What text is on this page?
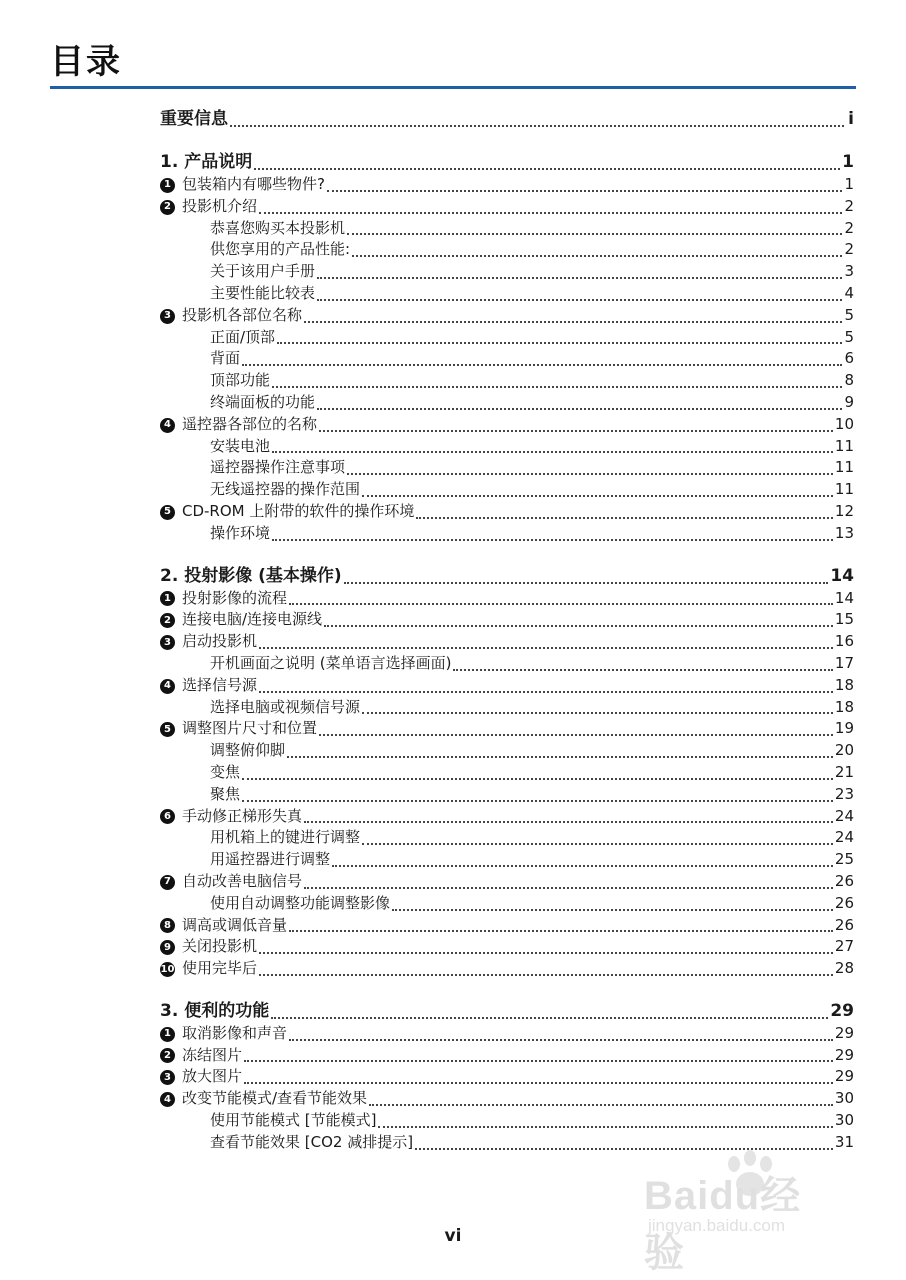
目录
重要信息	i
1. 产品说明	1
1 包装箱内有哪些物件?	1
2 投影机介绍	2
恭喜您购买本投影机	2
供您享用的产品性能:	2
关于该用户手册	3
主要性能比较表	4
3 投影机各部位名称	5
正面/顶部	5
背面	6
顶部功能	8
终端面板的功能	9
4 遥控器各部位的名称	10
安装电池	11
遥控器操作注意事项	11
无线遥控器的操作范围	11
5 CD-ROM 上附带的软件的操作环境	12
操作环境	13
2. 投射影像 (基本操作)	14
1 投射影像的流程	14
2 连接电脑/连接电源线	15
3 启动投影机	16
开机画面之说明 (菜单语言选择画面)	17
4 选择信号源	18
选择电脑或视频信号源	18
5 调整图片尺寸和位置	19
调整俯仰脚	20
变焦	21
聚焦	23
6 手动修正梯形失真	24
用机箱上的键进行调整	24
用遥控器进行调整	25
7 自动改善电脑信号	26
使用自动调整功能调整影像	26
8 调高或调低音量	26
9 关闭投影机	27
10 使用完毕后	28
3. 便利的功能	29
1 取消影像和声音	29
2 冻结图片	29
3 放大图片	29
4 改变节能模式/查看节能效果	30
使用节能模式 [节能模式]	30
查看节能效果 [CO2 减排提示]	31
vi
Baidu经验
jingyan.baidu.com
